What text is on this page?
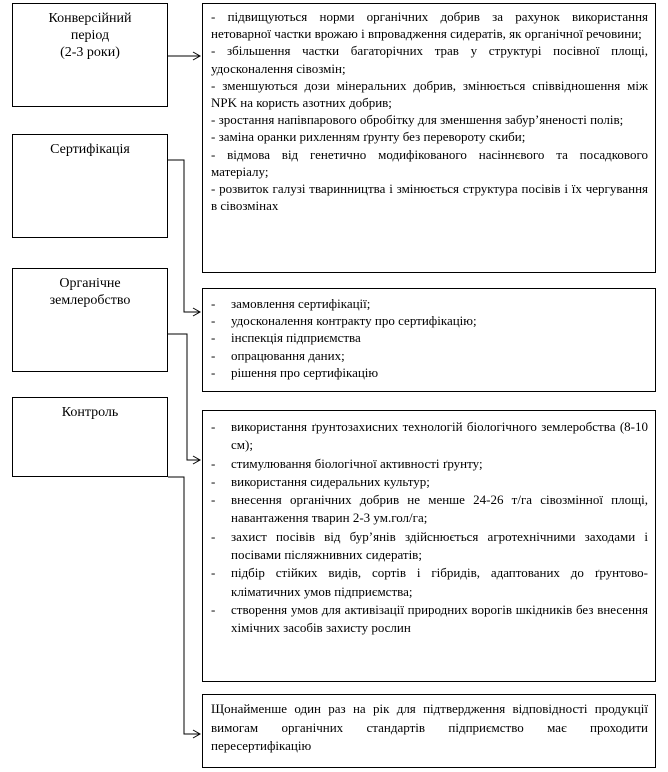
Конверсійний
період
(2-3 роки)
Сертифікація
Органічне
землеробство
Контроль

- підвищуються норми органічних добрив за рахунок використання нетоварної частки врожаю і впровадження сидератів, як органічної речовини;

- збільшення частки багаторічних трав у структурі посівної площі, удосконалення сівозмін;

- зменшуються дози мінеральних добрив, змінюється співвідношення між NPK на користь азотних добрив;

- зростання напівпарового обробітку для зменшення забур’яненості полів;

- заміна оранки рихленням ґрунту без перевороту скиби;

- відмова від генетично модифікованого насіннєвого та посадкового матеріалу;

- розвиток галузі тваринництва і змінюється структура посівів і їх чергування в сівозмінах

- замовлення сертифікації;
- удосконалення контракту про сертифікацію;
- інспекція підприємства
- опрацювання даних;
- рішення про сертифікацію
- використання ґрунтозахисних технологій біологічного землеробства (8-10 см);
- стимулювання біологічної активності ґрунту;
- використання сидеральних культур;
- внесення органічних добрив не менше 24-26 т/га сівозмінної площі, навантаження тварин 2-3 ум.гол/га;
- захист посівів від бур’янів здійснюється агротехнічними заходами і посівами післяжнивних сидератів;
- підбір стійких видів, сортів і гібридів, адаптованих до ґрунтово-кліматичних умов підприємства;
- створення умов для активізації природних ворогів шкідників без внесення хімічних засобів захисту рослин

Щонайменше один раз на рік для підтвердження відповідності продукції вимогам органічних стандартів підприємство має проходити пересертифікацію
